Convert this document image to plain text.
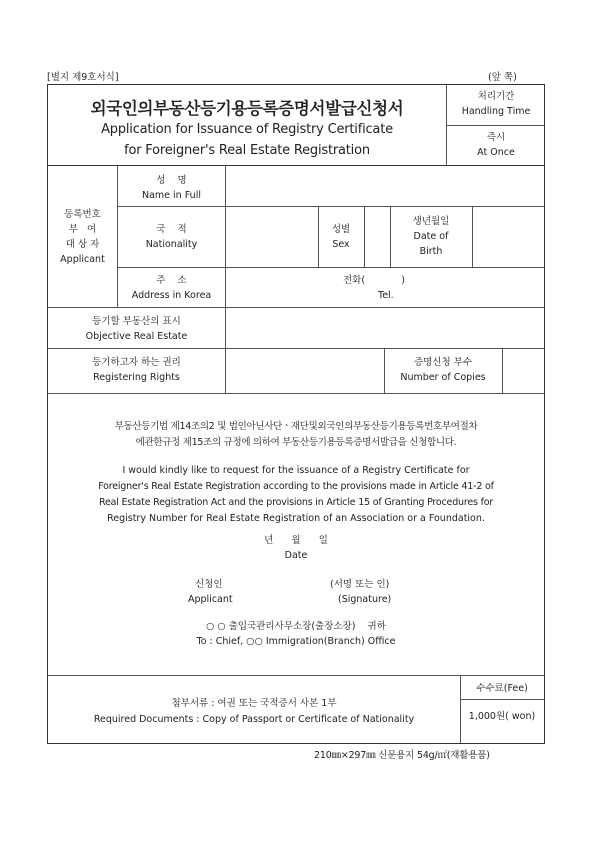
[별지 제9호서식]	(앞 쪽)
외국인의부동산등기용등록증명서발급신청서
Application for Issuance of Registry Certificate
for Foreigner's Real Estate Registration
처리기간
Handling Time
즉시
At Once
등록번호
부   여
대 상 자
Applicant
성    명
Name in Full
국    적
Nationality
성별
Sex
생년월일
Date of
Birth
주    소
Address in Korea
전화(            )
Tel.
등기할 부동산의 표시
Objective Real Estate
등기하고자 하는 권리
Registering Rights
증명신청 부수
Number of Copies
부동산등기법 제14조의2 및 법인아닌사단ㆍ재단및외국인의부동산등기용등록번호부여절차
에관한규정 제15조의 규정에 의하여 부동산등기용등록증명서발급을 신청합니다.
I would kindly like to request for the issuance of a Registry Certificate for
Foreigner's Real Estate Registration according to the provisions made in Article 41-2 of
Real Estate Registration Act and the provisions in Article 15 of Granting Procedures for
Registry Number for Real Estate Registration of an Association or a Foundation.
년      월      일
Date
신청인
Applicant
(서명 또는 인)
(Signature)
○ ○ 출입국관리사무소장(출장소장)    귀하
To : Chief, ○○ Immigration(Branch) Office
첨부서류 : 여권 또는 국적증서 사본 1부
Required Documents : Copy of Passport or Certificate of Nationality
수수료(Fee)
1,000원( won)
210㎜×297㎜ 신문용지 54g/㎡(재활용품)
